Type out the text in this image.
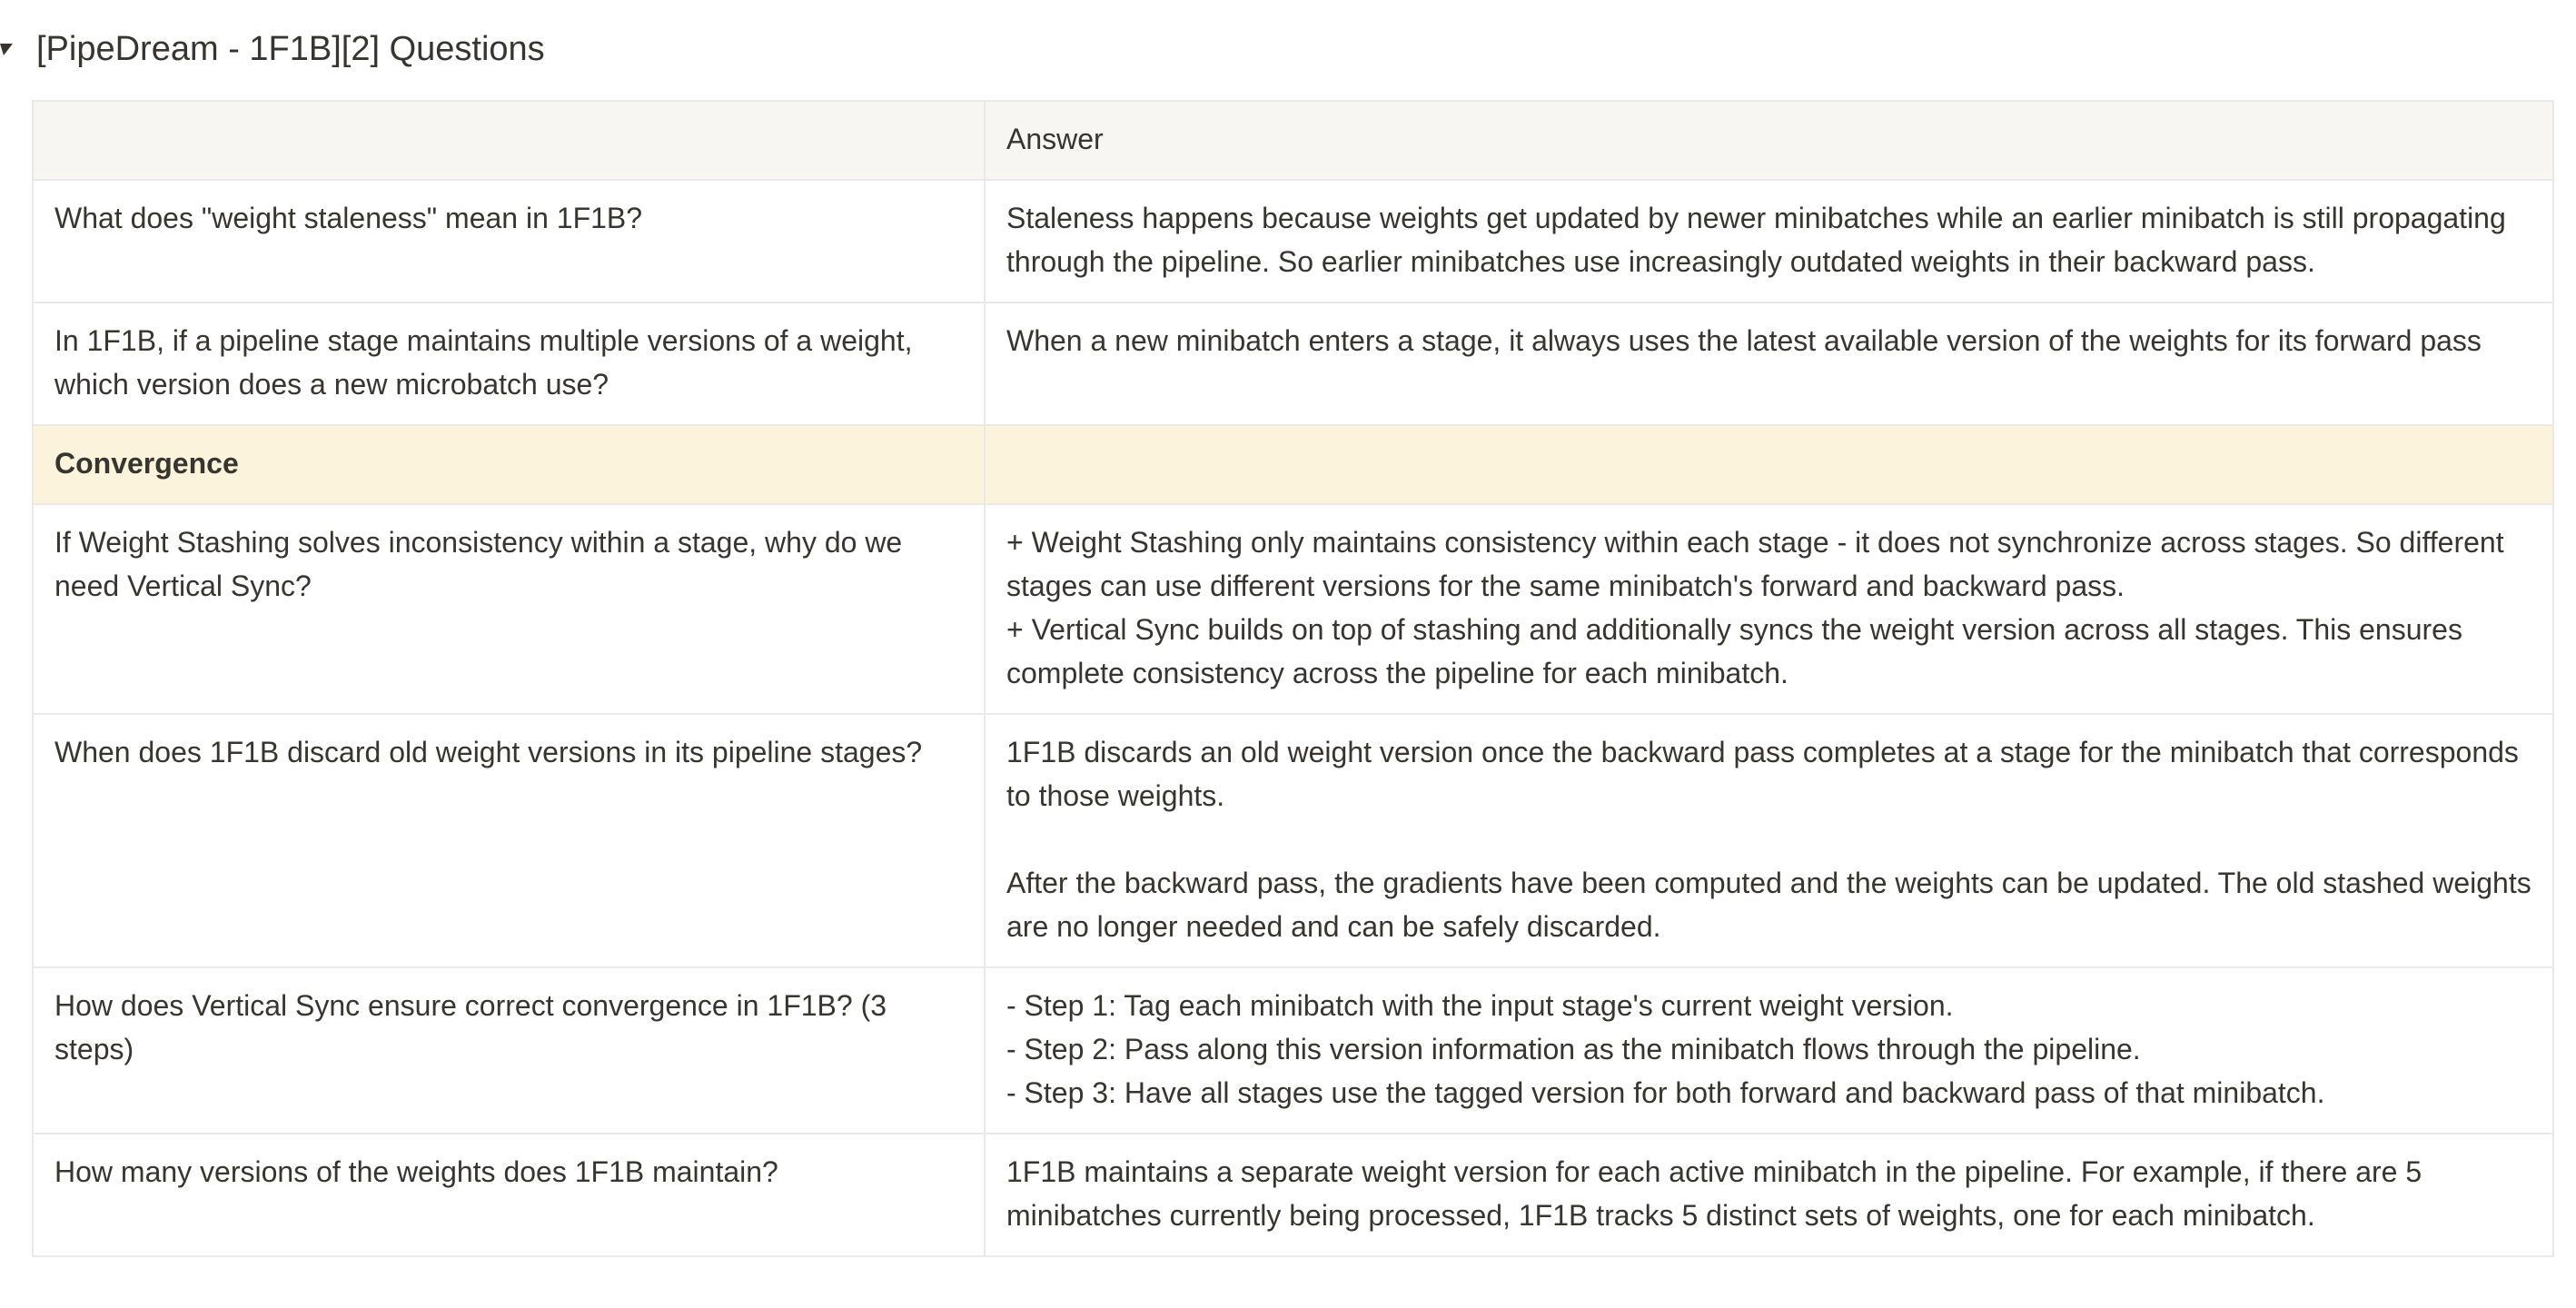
[PipeDream - 1F1B][2] Questions

	Answer

What does "weight staleness" mean in 1F1B?	Staleness happens because weights get updated by newer minibatches while an earlier minibatch is still propagating through the pipeline. So earlier minibatches use increasingly outdated weights in their backward pass.

In 1F1B, if a pipeline stage maintains multiple versions of a weight, which version does a new microbatch use?	When a new minibatch enters a stage, it always uses the latest available version of the weights for its forward pass

Convergence	

If Weight Stashing solves inconsistency within a stage, why do we need Vertical Sync?	+ Weight Stashing only maintains consistency within each stage - it does not synchronize across stages. So different stages can use different versions for the same minibatch's forward and backward pass.
+ Vertical Sync builds on top of stashing and additionally syncs the weight version across all stages. This ensures complete consistency across the pipeline for each minibatch.

When does 1F1B discard old weight versions in its pipeline stages?	1F1B discards an old weight version once the backward pass completes at a stage for the minibatch that corresponds to those weights.

After the backward pass, the gradients have been computed and the weights can be updated. The old stashed weights are no longer needed and can be safely discarded.

How does Vertical Sync ensure correct convergence in 1F1B? (3 steps)	- Step 1: Tag each minibatch with the input stage's current weight version.
- Step 2: Pass along this version information as the minibatch flows through the pipeline.
- Step 3: Have all stages use the tagged version for both forward and backward pass of that minibatch.

How many versions of the weights does 1F1B maintain?	1F1B maintains a separate weight version for each active minibatch in the pipeline. For example, if there are 5 minibatches currently being processed, 1F1B tracks 5 distinct sets of weights, one for each minibatch.
